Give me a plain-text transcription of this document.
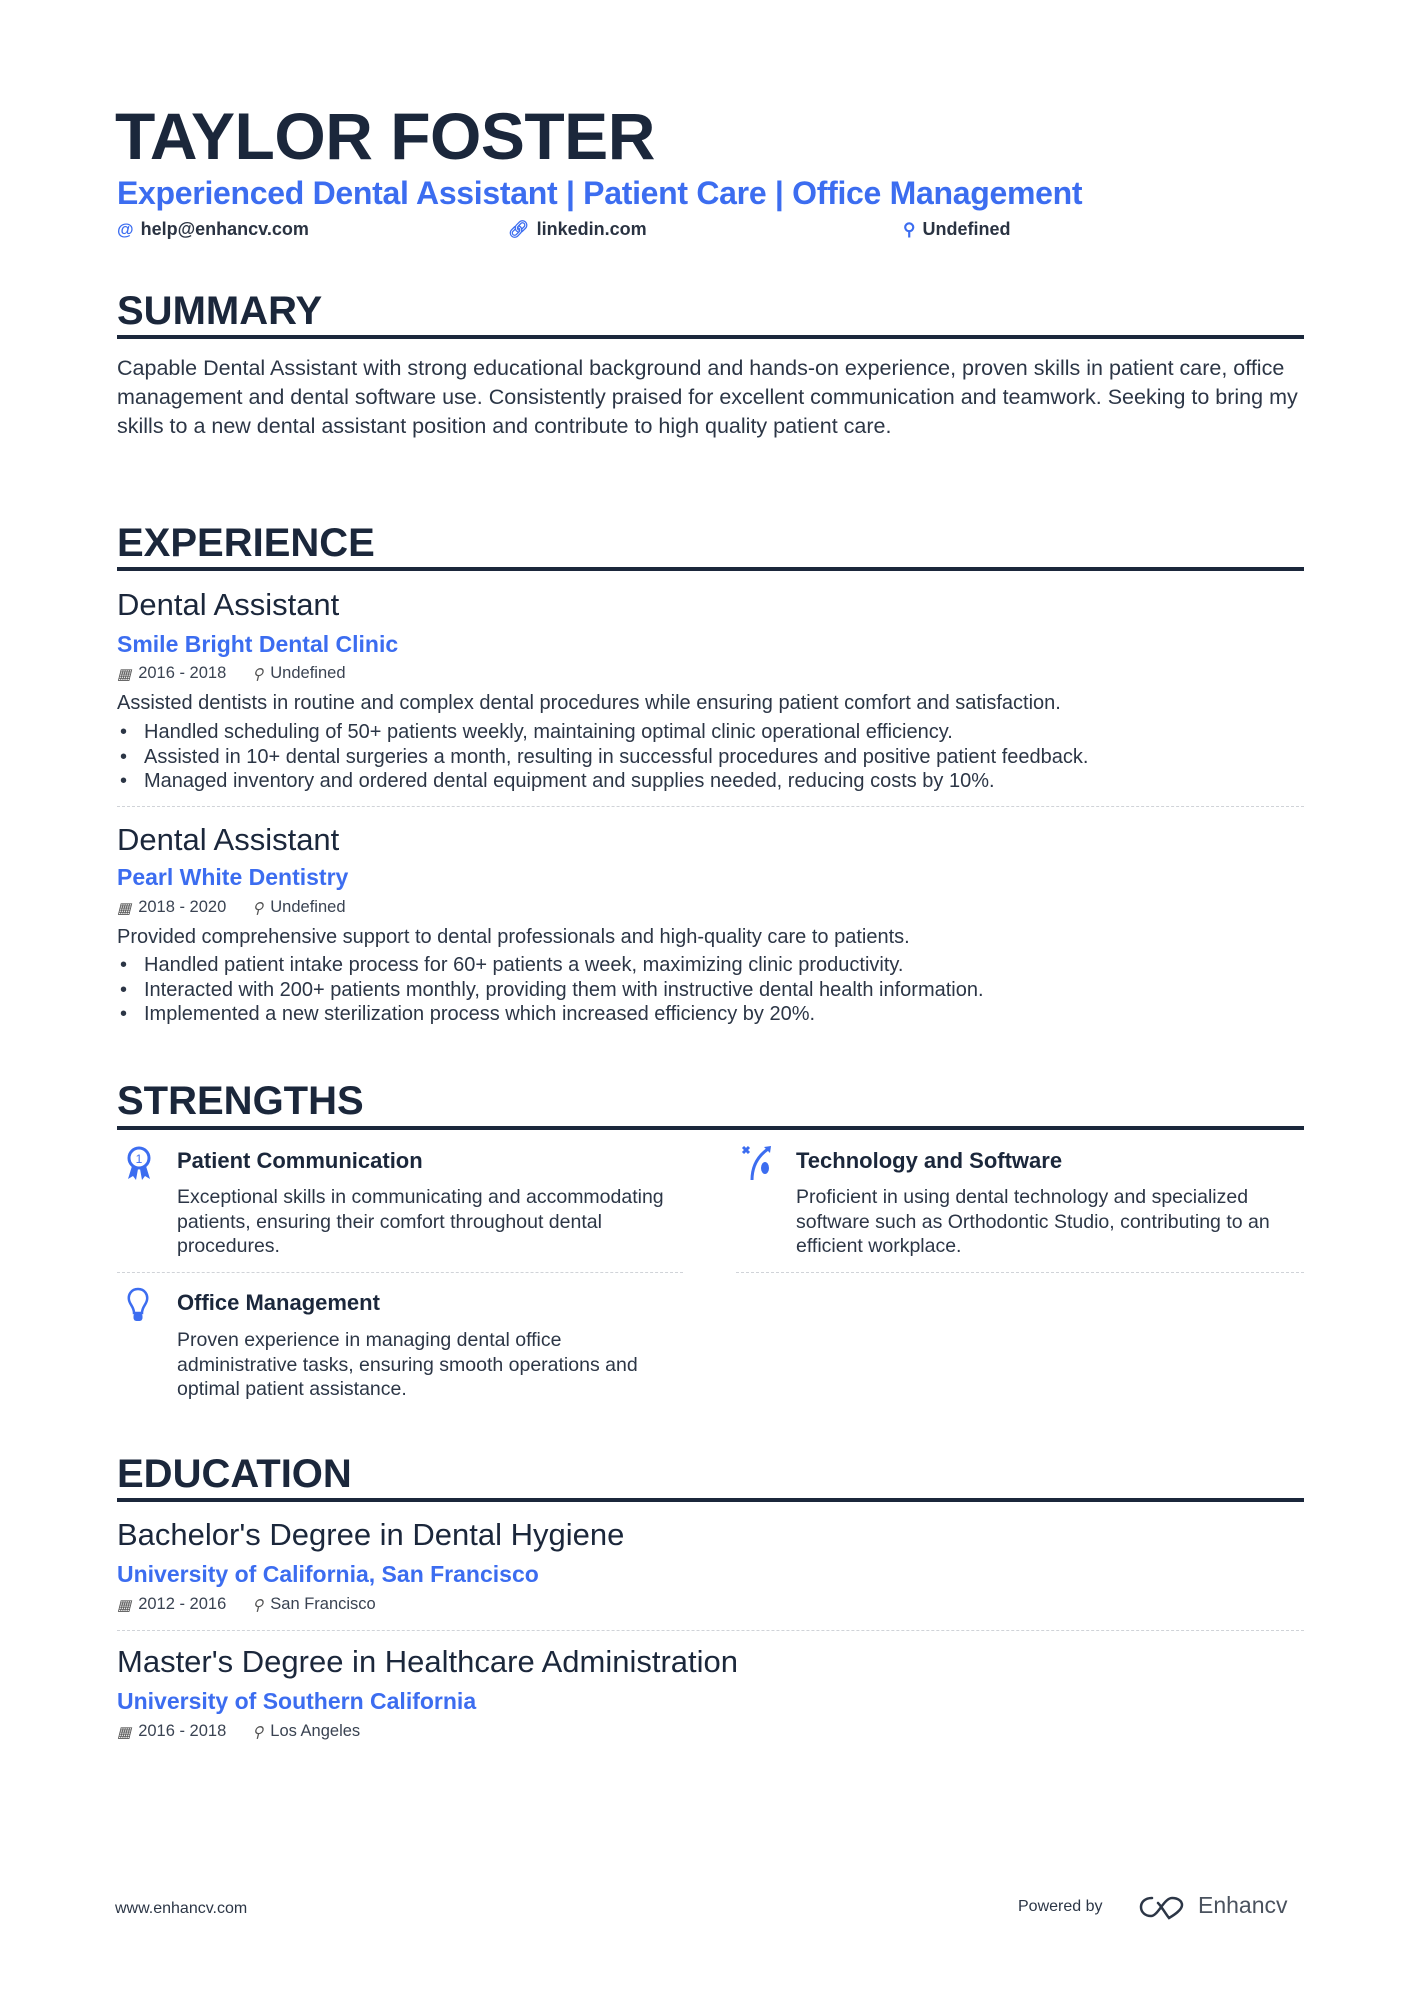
TAYLOR FOSTER
Experienced Dental Assistant | Patient Care | Office Management
@ help@enhancv.com	🔗︎ linkedin.com	⚲ Undefined
SUMMARY
Capable Dental Assistant with strong educational background and hands-on experience, proven skills in patient care, office management and dental software use. Consistently praised for excellent communication and teamwork. Seeking to bring my skills to a new dental assistant position and contribute to high quality patient care.
EXPERIENCE
Dental Assistant
Smile Bright Dental Clinic
▦ 2016 - 2018 ⚲ Undefined
Assisted dentists in routine and complex dental procedures while ensuring patient comfort and satisfaction.
• Handled scheduling of 50+ patients weekly, maintaining optimal clinic operational efficiency.
• Assisted in 10+ dental surgeries a month, resulting in successful procedures and positive patient feedback.
• Managed inventory and ordered dental equipment and supplies needed, reducing costs by 10%.
Dental Assistant
Pearl White Dentistry
▦ 2018 - 2020 ⚲ Undefined
Provided comprehensive support to dental professionals and high-quality care to patients.
• Handled patient intake process for 60+ patients a week, maximizing clinic productivity.
• Interacted with 200+ patients monthly, providing them with instructive dental health information.
• Implemented a new sterilization process which increased efficiency by 20%.
STRENGTHS
1 Patient Communication
Exceptional skills in communicating and accommodating patients, ensuring their comfort throughout dental procedures.
Technology and Software
Proficient in using dental technology and specialized software such as Orthodontic Studio, contributing to an efficient workplace.
Office Management
Proven experience in managing dental office administrative tasks, ensuring smooth operations and optimal patient assistance.
EDUCATION
Bachelor's Degree in Dental Hygiene
University of California, San Francisco
▦ 2012 - 2016 ⚲ San Francisco
Master's Degree in Healthcare Administration
University of Southern California
▦ 2016 - 2018 ⚲ Los Angeles
www.enhancv.com	Powered by	Enhancv
